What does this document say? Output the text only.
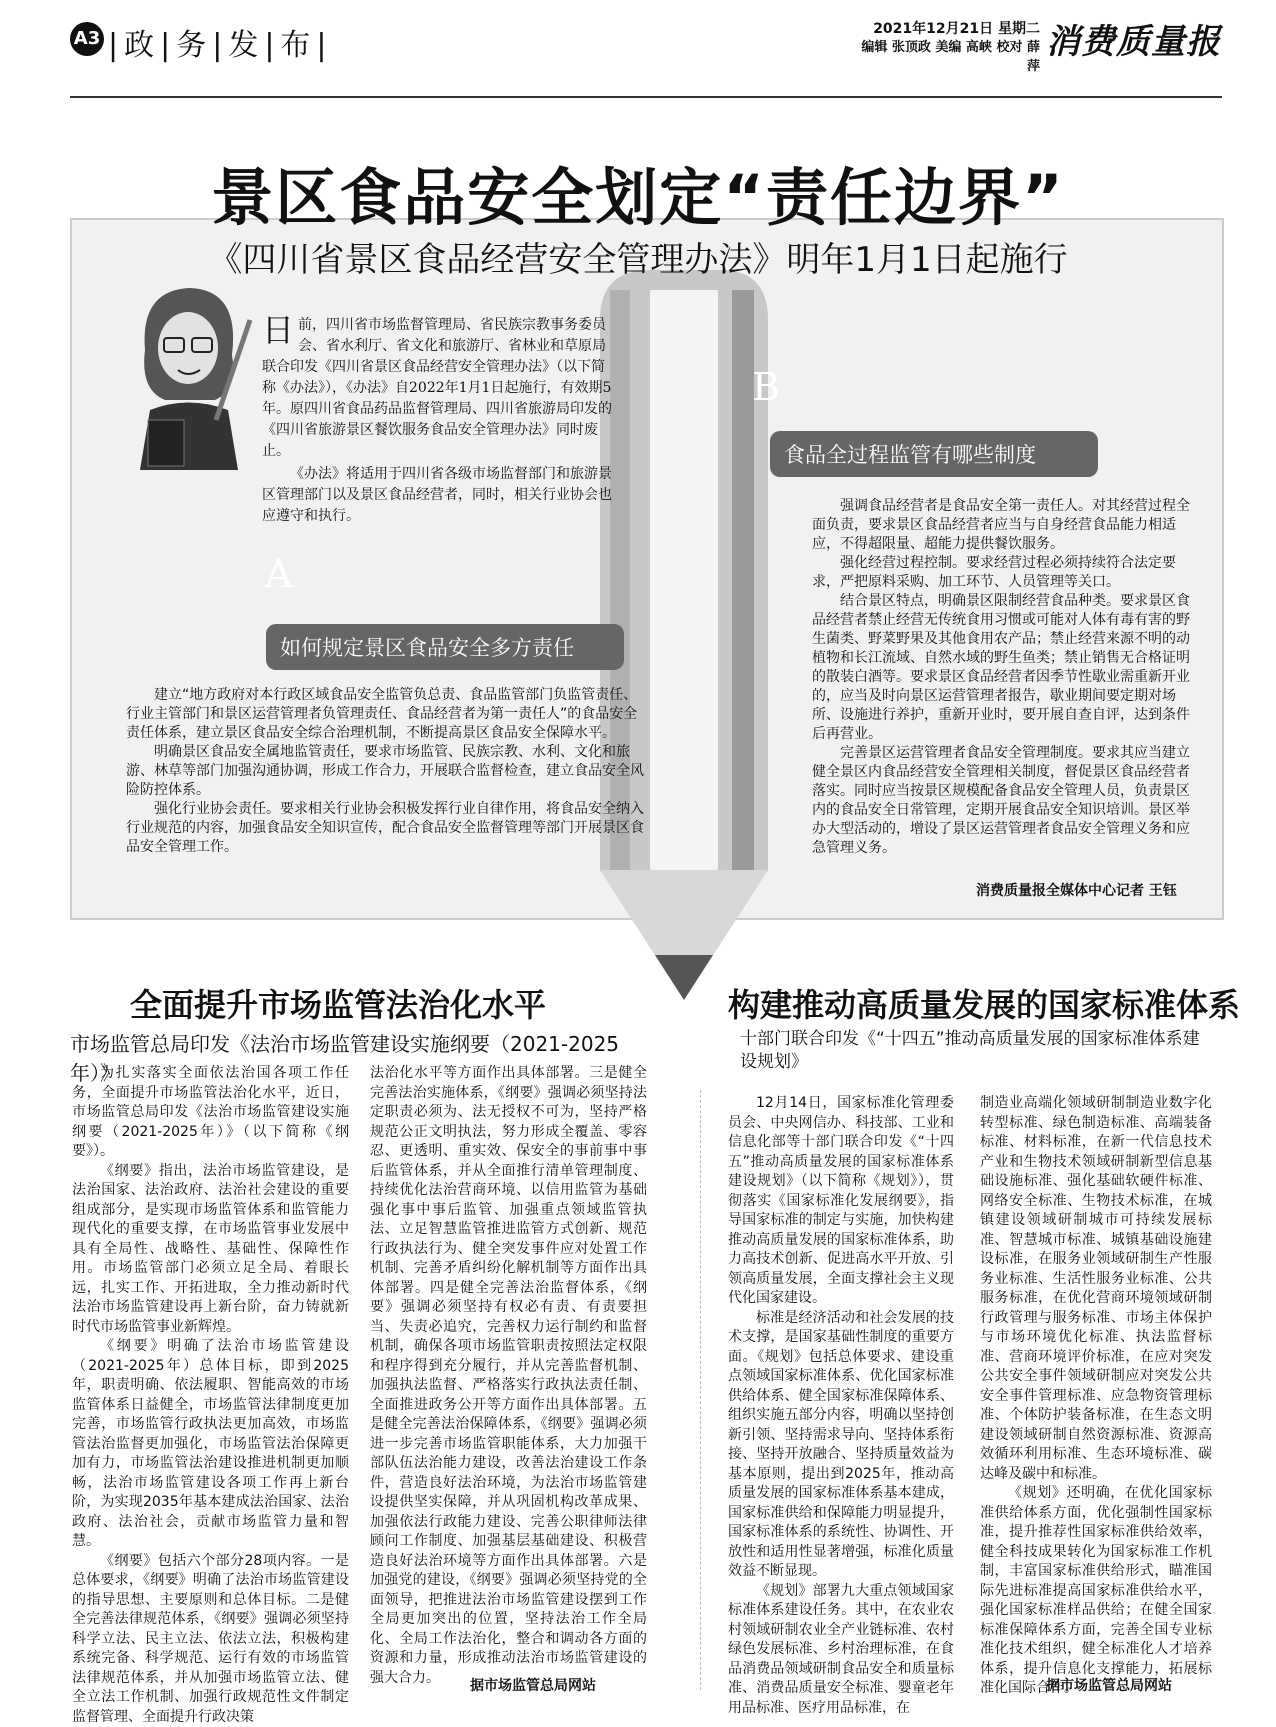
A3 |政|务|发|布|	2021年12月21日 星期二
编辑 张顶政 美编 高峡 校对 薛萍
消费质量报
景区食品安全划定“责任边界”
《四川省景区食品经营安全管理办法》明年1月1日起施行

日前，四川省市场监督管理局、省民族宗教事务委员会、省水利厅、省文化和旅游厅、省林业和草原局联合印发《四川省景区食品经营安全管理办法》（以下简称《办法》），《办法》自2022年1月1日起施行，有效期5年。原四川省食品药品监督管理局、四川省旅游局印发的《四川省旅游景区餐饮服务食品安全管理办法》同时废止。

《办法》将适用于四川省各级市场监督部门和旅游景区管理部门以及景区食品经营者，同时，相关行业协会也应遵守和执行。

B
食品全过程监管有哪些制度
A
如何规定景区食品安全多方责任

建立“地方政府对本行政区域食品安全监管负总责、食品监管部门负监管责任、行业主管部门和景区运营管理者负管理责任、食品经营者为第一责任人”的食品安全责任体系，建立景区食品安全综合治理机制，不断提高景区食品安全保障水平。

明确景区食品安全属地监管责任，要求市场监管、民族宗教、水利、文化和旅游、林草等部门加强沟通协调，形成工作合力，开展联合监督检查，建立食品安全风险防控体系。

强化行业协会责任。要求相关行业协会积极发挥行业自律作用，将食品安全纳入行业规范的内容，加强食品安全知识宣传，配合食品安全监督管理等部门开展景区食品安全管理工作。

强调食品经营者是食品安全第一责任人。对其经营过程全面负责，要求景区食品经营者应当与自身经营食品能力相适应，不得超限量、超能力提供餐饮服务。

强化经营过程控制。要求经营过程必须持续符合法定要求，严把原料采购、加工环节、人员管理等关口。

结合景区特点，明确景区限制经营食品种类。要求景区食品经营者禁止经营无传统食用习惯或可能对人体有毒有害的野生菌类、野菜野果及其他食用农产品；禁止经营来源不明的动植物和长江流域、自然水域的野生鱼类；禁止销售无合格证明的散装白酒等。要求景区食品经营者因季节性歇业需重新开业的，应当及时向景区运营管理者报告，歇业期间要定期对场所、设施进行养护，重新开业时，要开展自查自评，达到条件后再营业。

完善景区运营管理者食品安全管理制度。要求其应当建立健全景区内食品经营安全管理相关制度，督促景区食品经营者落实。同时应当按景区规模配备食品安全管理人员，负责景区内的食品安全日常管理，定期开展食品安全知识培训。景区举办大型活动的，增设了景区运营管理者食品安全管理义务和应急管理义务。

消费质量报全媒体中心记者 王钰
全面提升市场监管法治化水平
市场监管总局印发《法治市场监管建设实施纲要（2021-2025年）》

为扎实落实全面依法治国各项工作任务，全面提升市场监管法治化水平，近日，市场监管总局印发《法治市场监管建设实施纲要（2021-2025年）》（以下简称《纲要》）。

《纲要》指出，法治市场监管建设，是法治国家、法治政府、法治社会建设的重要组成部分，是实现市场监管体系和监管能力现代化的重要支撑，在市场监管事业发展中具有全局性、战略性、基础性、保障性作用。市场监管部门必须立足全局、着眼长远，扎实工作、开拓进取，全力推动新时代法治市场监管建设再上新台阶，奋力铸就新时代市场监管事业新辉煌。

《纲要》明确了法治市场监管建设（2021-2025年）总体目标，即到2025年，职责明确、依法履职、智能高效的市场监管体系日益健全，市场监管法律制度更加完善，市场监管行政执法更加高效，市场监管法治监督更加强化，市场监管法治保障更加有力，市场监管法治建设推进机制更加顺畅，法治市场监管建设各项工作再上新台阶，为实现2035年基本建成法治国家、法治政府、法治社会，贡献市场监管力量和智慧。

《纲要》包括六个部分28项内容。一是总体要求，《纲要》明确了法治市场监管建设的指导思想、主要原则和总体目标。二是健全完善法律规范体系，《纲要》强调必须坚持科学立法、民主立法、依法立法，积极构建系统完备、科学规范、运行有效的市场监管法律规范体系，并从加强市场监管立法、健全立法工作机制、加强行政规范性文件制定监督管理、全面提升行政决策

法治化水平等方面作出具体部署。三是健全完善法治实施体系，《纲要》强调必须坚持法定职责必须为、法无授权不可为，坚持严格规范公正文明执法，努力形成全覆盖、零容忍、更透明、重实效、保安全的事前事中事后监管体系，并从全面推行清单管理制度、持续优化法治营商环境、以信用监管为基础强化事中事后监管、加强重点领域监管执法、立足智慧监管推进监管方式创新、规范行政执法行为、健全突发事件应对处置工作机制、完善矛盾纠纷化解机制等方面作出具体部署。四是健全完善法治监督体系，《纲要》强调必须坚持有权必有责、有责要担当、失责必追究，完善权力运行制约和监督机制，确保各项市场监管职责按照法定权限和程序得到充分履行，并从完善监督机制、加强执法监督、严格落实行政执法责任制、全面推进政务公开等方面作出具体部署。五是健全完善法治保障体系，《纲要》强调必须进一步完善市场监管职能体系，大力加强干部队伍法治能力建设，改善法治建设工作条件，营造良好法治环境，为法治市场监管建设提供坚实保障，并从巩固机构改革成果、加强依法行政能力建设、完善公职律师法律顾问工作制度、加强基层基础建设、积极营造良好法治环境等方面作出具体部署。六是加强党的建设，《纲要》强调必须坚持党的全面领导，把推进法治市场监管建设摆到工作全局更加突出的位置，坚持法治工作全局化、全局工作法治化，整合和调动各方面的资源和力量，形成推动法治市场监管建设的强大合力。

据市场监管总局网站
构建推动高质量发展的国家标准体系
十部门联合印发《“十四五”推动高质量发展的国家标准体系建设规划》

12月14日，国家标准化管理委员会、中央网信办、科技部、工业和信息化部等十部门联合印发《“十四五”推动高质量发展的国家标准体系建设规划》（以下简称《规划》），贯彻落实《国家标准化发展纲要》，指导国家标准的制定与实施，加快构建推动高质量发展的国家标准体系，助力高技术创新、促进高水平开放、引领高质量发展，全面支撑社会主义现代化国家建设。

标准是经济活动和社会发展的技术支撑，是国家基础性制度的重要方面。《规划》包括总体要求、建设重点领域国家标准体系、优化国家标准供给体系、健全国家标准保障体系、组织实施五部分内容，明确以坚持创新引领、坚持需求导向、坚持体系衔接、坚持开放融合、坚持质量效益为基本原则，提出到2025年，推动高质量发展的国家标准体系基本建成，国家标准供给和保障能力明显提升，国家标准体系的系统性、协调性、开放性和适用性显著增强，标准化质量效益不断显现。

《规划》部署九大重点领域国家标准体系建设任务。其中，在农业农村领域研制农业全产业链标准、农村绿色发展标准、乡村治理标准，在食品消费品领域研制食品安全和质量标准、消费品质量安全标准、婴童老年用品标准、医疗用品标准，在

制造业高端化领域研制制造业数字化转型标准、绿色制造标准、高端装备标准、材料标准，在新一代信息技术产业和生物技术领域研制新型信息基础设施标准、强化基础软硬件标准、网络安全标准、生物技术标准，在城镇建设领域研制城市可持续发展标准、智慧城市标准、城镇基础设施建设标准，在服务业领域研制生产性服务业标准、生活性服务业标准、公共服务标准，在优化营商环境领域研制行政管理与服务标准、市场主体保护与市场环境优化标准、执法监督标准、营商环境评价标准，在应对突发公共安全事件领域研制应对突发公共安全事件管理标准、应急物资管理标准、个体防护装备标准，在生态文明建设领域研制自然资源标准、资源高效循环利用标准、生态环境标准、碳达峰及碳中和标准。

《规划》还明确，在优化国家标准供给体系方面，优化强制性国家标准，提升推荐性国家标准供给效率，健全科技成果转化为国家标准工作机制，丰富国家标准供给形式，瞄准国际先进标准提高国家标准供给水平，强化国家标准样品供给；在健全国家标准保障体系方面，完善全国专业标准化技术组织，健全标准化人才培养体系，提升信息化支撑能力，拓展标准化国际合作。

据市场监管总局网站
